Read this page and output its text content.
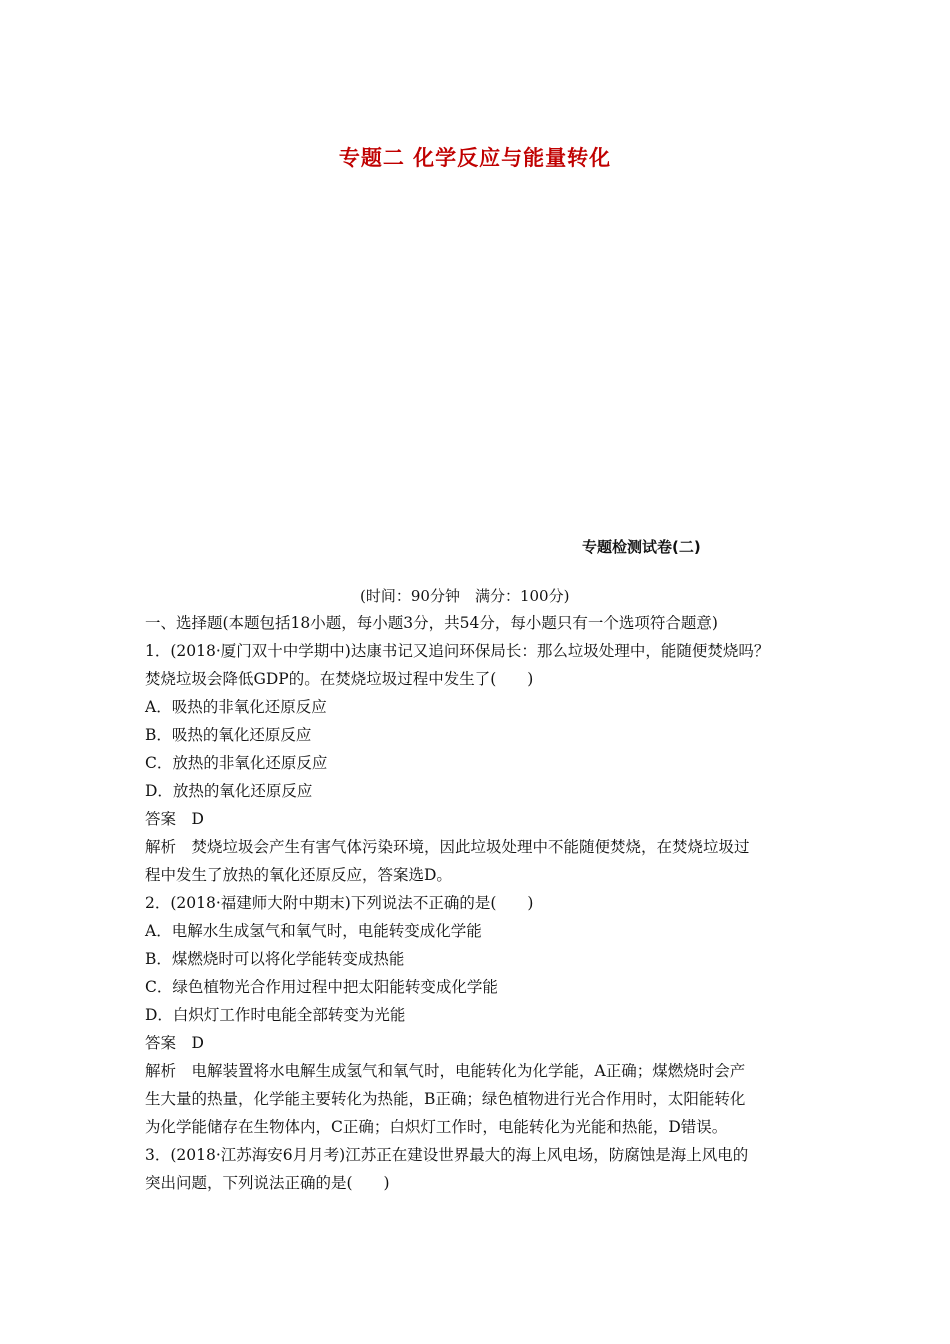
专题二 化学反应与能量转化
专题检测试卷(二)
(时间：90分钟　满分：100分)
一、选择题(本题包括18小题，每小题3分，共54分，每小题只有一个选项符合题意)
1．(2018·厦门双十中学期中)达康书记又追问环保局长：那么垃圾处理中，能随便焚烧吗？
焚烧垃圾会降低GDP的。在焚烧垃圾过程中发生了(　　)
A．吸热的非氧化还原反应
B．吸热的氧化还原反应
C．放热的非氧化还原反应
D．放热的氧化还原反应
答案　D
解析　焚烧垃圾会产生有害气体污染环境，因此垃圾处理中不能随便焚烧，在焚烧垃圾过
程中发生了放热的氧化还原反应，答案选D。
2．(2018·福建师大附中期末)下列说法不正确的是(　　)
A．电解水生成氢气和氧气时，电能转变成化学能
B．煤燃烧时可以将化学能转变成热能
C．绿色植物光合作用过程中把太阳能转变成化学能
D．白炽灯工作时电能全部转变为光能
答案　D
解析　电解装置将水电解生成氢气和氧气时，电能转化为化学能，A正确；煤燃烧时会产
生大量的热量，化学能主要转化为热能，B正确；绿色植物进行光合作用时，太阳能转化
为化学能储存在生物体内，C正确；白炽灯工作时，电能转化为光能和热能，D错误。
3．(2018·江苏海安6月月考)江苏正在建设世界最大的海上风电场，防腐蚀是海上风电的
突出问题，下列说法正确的是(　　)
